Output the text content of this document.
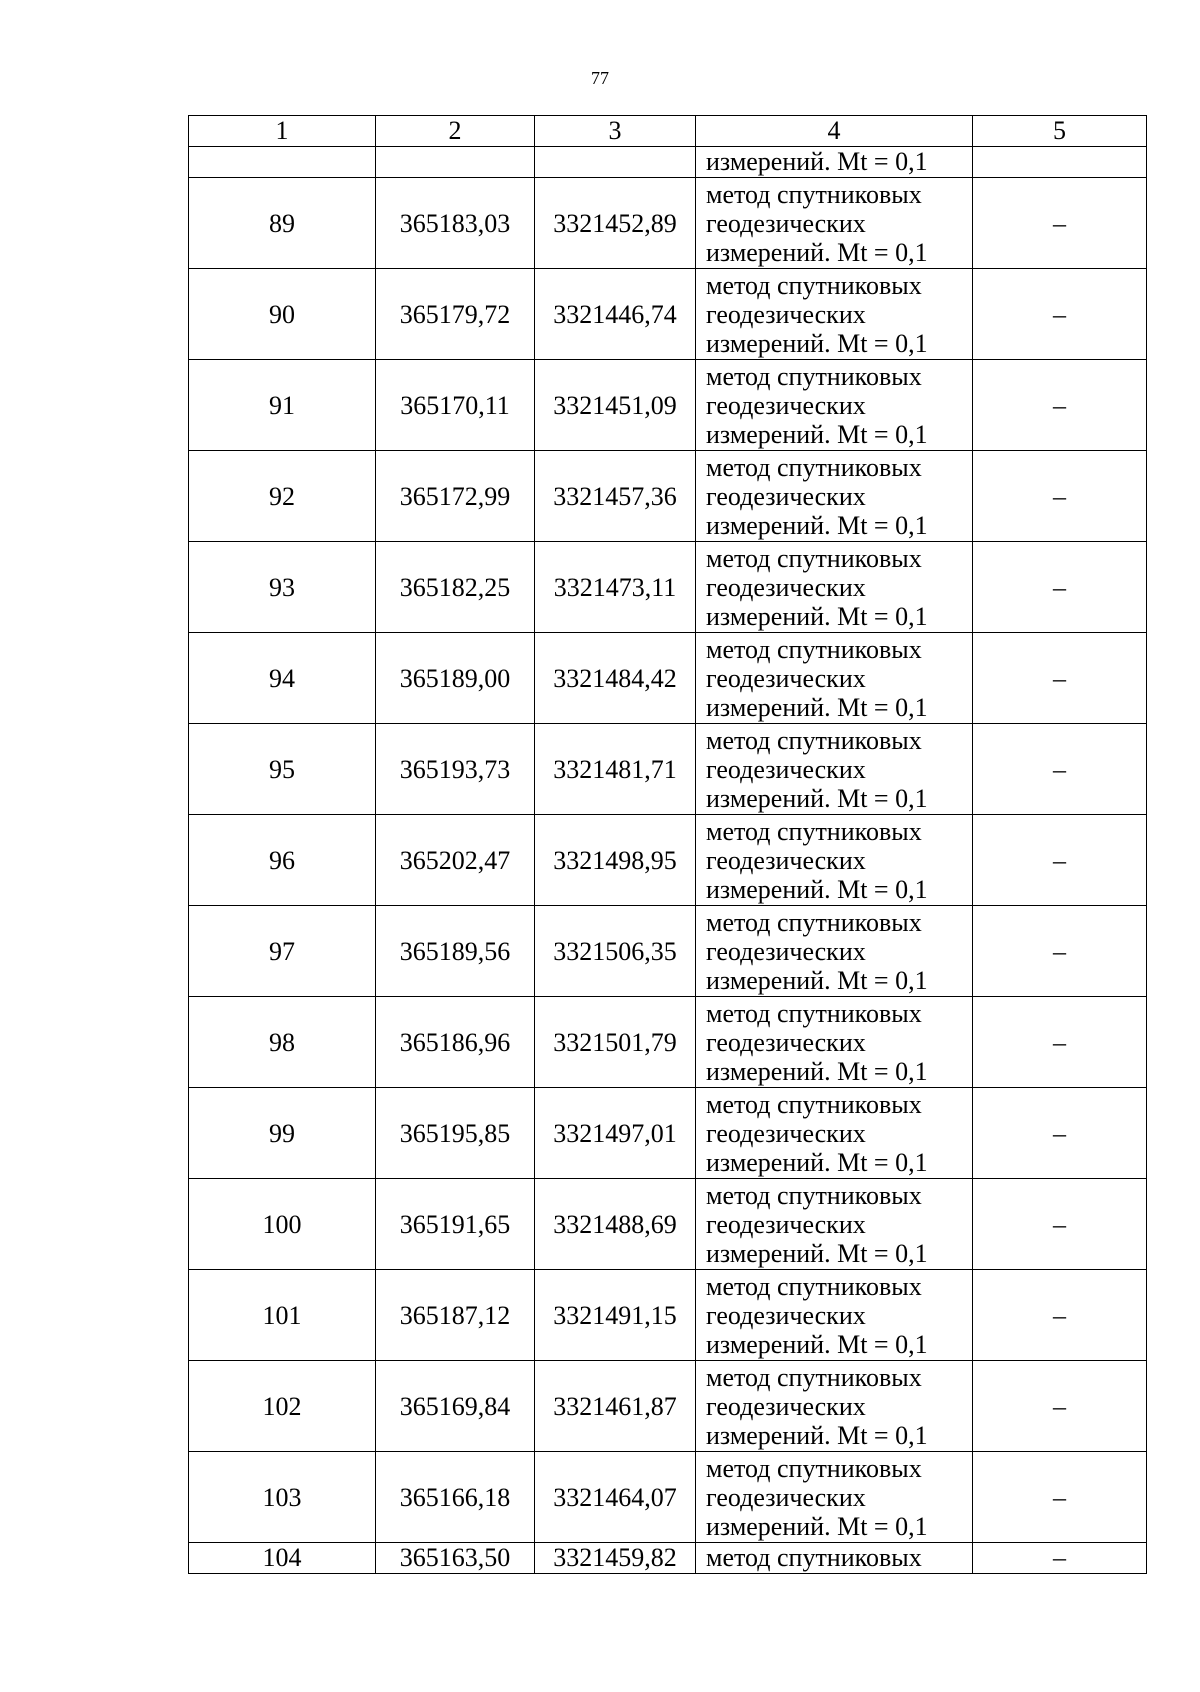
77
1	2	3	4	5
			измерений. Mt = 0,1	
89	365183,03	3321452,89	метод спутниковых
геодезических
измерений. Mt = 0,1	–
90	365179,72	3321446,74	метод спутниковых
геодезических
измерений. Mt = 0,1	–
91	365170,11	3321451,09	метод спутниковых
геодезических
измерений. Mt = 0,1	–
92	365172,99	3321457,36	метод спутниковых
геодезических
измерений. Mt = 0,1	–
93	365182,25	3321473,11	метод спутниковых
геодезических
измерений. Mt = 0,1	–
94	365189,00	3321484,42	метод спутниковых
геодезических
измерений. Mt = 0,1	–
95	365193,73	3321481,71	метод спутниковых
геодезических
измерений. Mt = 0,1	–
96	365202,47	3321498,95	метод спутниковых
геодезических
измерений. Mt = 0,1	–
97	365189,56	3321506,35	метод спутниковых
геодезических
измерений. Mt = 0,1	–
98	365186,96	3321501,79	метод спутниковых
геодезических
измерений. Mt = 0,1	–
99	365195,85	3321497,01	метод спутниковых
геодезических
измерений. Mt = 0,1	–
100	365191,65	3321488,69	метод спутниковых
геодезических
измерений. Mt = 0,1	–
101	365187,12	3321491,15	метод спутниковых
геодезических
измерений. Mt = 0,1	–
102	365169,84	3321461,87	метод спутниковых
геодезических
измерений. Mt = 0,1	–
103	365166,18	3321464,07	метод спутниковых
геодезических
измерений. Mt = 0,1	–
104	365163,50	3321459,82	метод спутниковых	–
